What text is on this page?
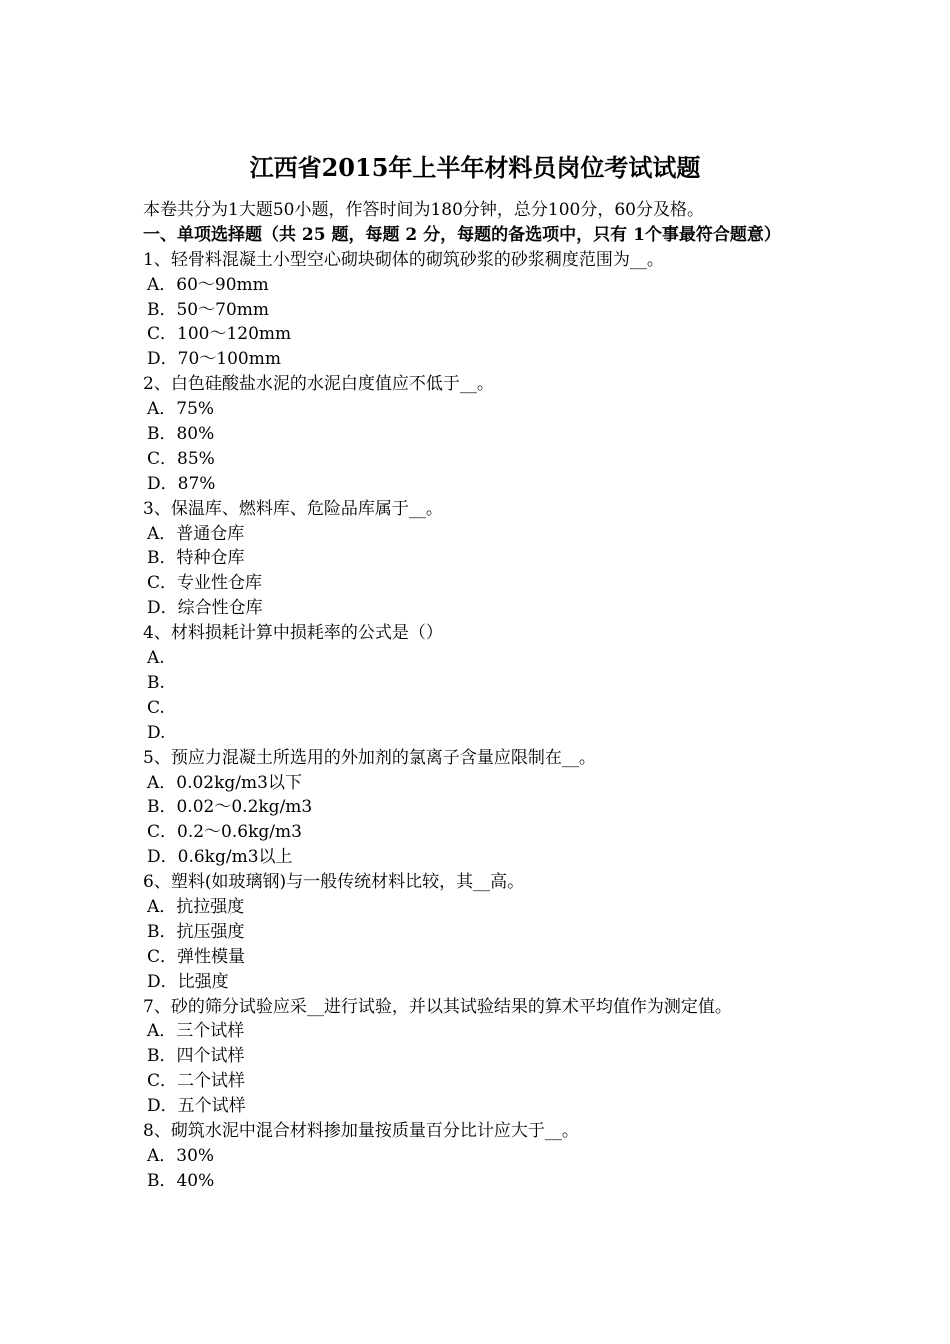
江西省2015年上半年材料员岗位考试试题
本卷共分为1大题50小题，作答时间为180分钟，总分100分，60分及格。
一、单项选择题（共 25 题，每题 2 分，每题的备选项中，只有 1个事最符合题意）
1、轻骨料混凝土小型空心砌块砌体的砌筑砂浆的砂浆稠度范围为__。
A．60～90mm
B．50～70mm
C．100～120mm
D．70～100mm
2、白色硅酸盐水泥的水泥白度值应不低于__。
A．75%
B．80%
C．85%
D．87%
3、保温库、燃料库、危险品库属于__。
A．普通仓库
B．特种仓库
C．专业性仓库
D．综合性仓库
4、材料损耗计算中损耗率的公式是（）
A.
B.
C.
D.
5、预应力混凝土所选用的外加剂的氯离子含量应限制在__。
A．0.02kg/m3以下
B．0.02～0.2kg/m3
C．0.2～0.6kg/m3
D．0.6kg/m3以上
6、塑料(如玻璃钢)与一般传统材料比较，其__高。
A．抗拉强度
B．抗压强度
C．弹性模量
D．比强度
7、砂的筛分试验应采__进行试验，并以其试验结果的算术平均值作为测定值。
A．三个试样
B．四个试样
C．二个试样
D．五个试样
8、砌筑水泥中混合材料掺加量按质量百分比计应大于__。
A．30%
B．40%
